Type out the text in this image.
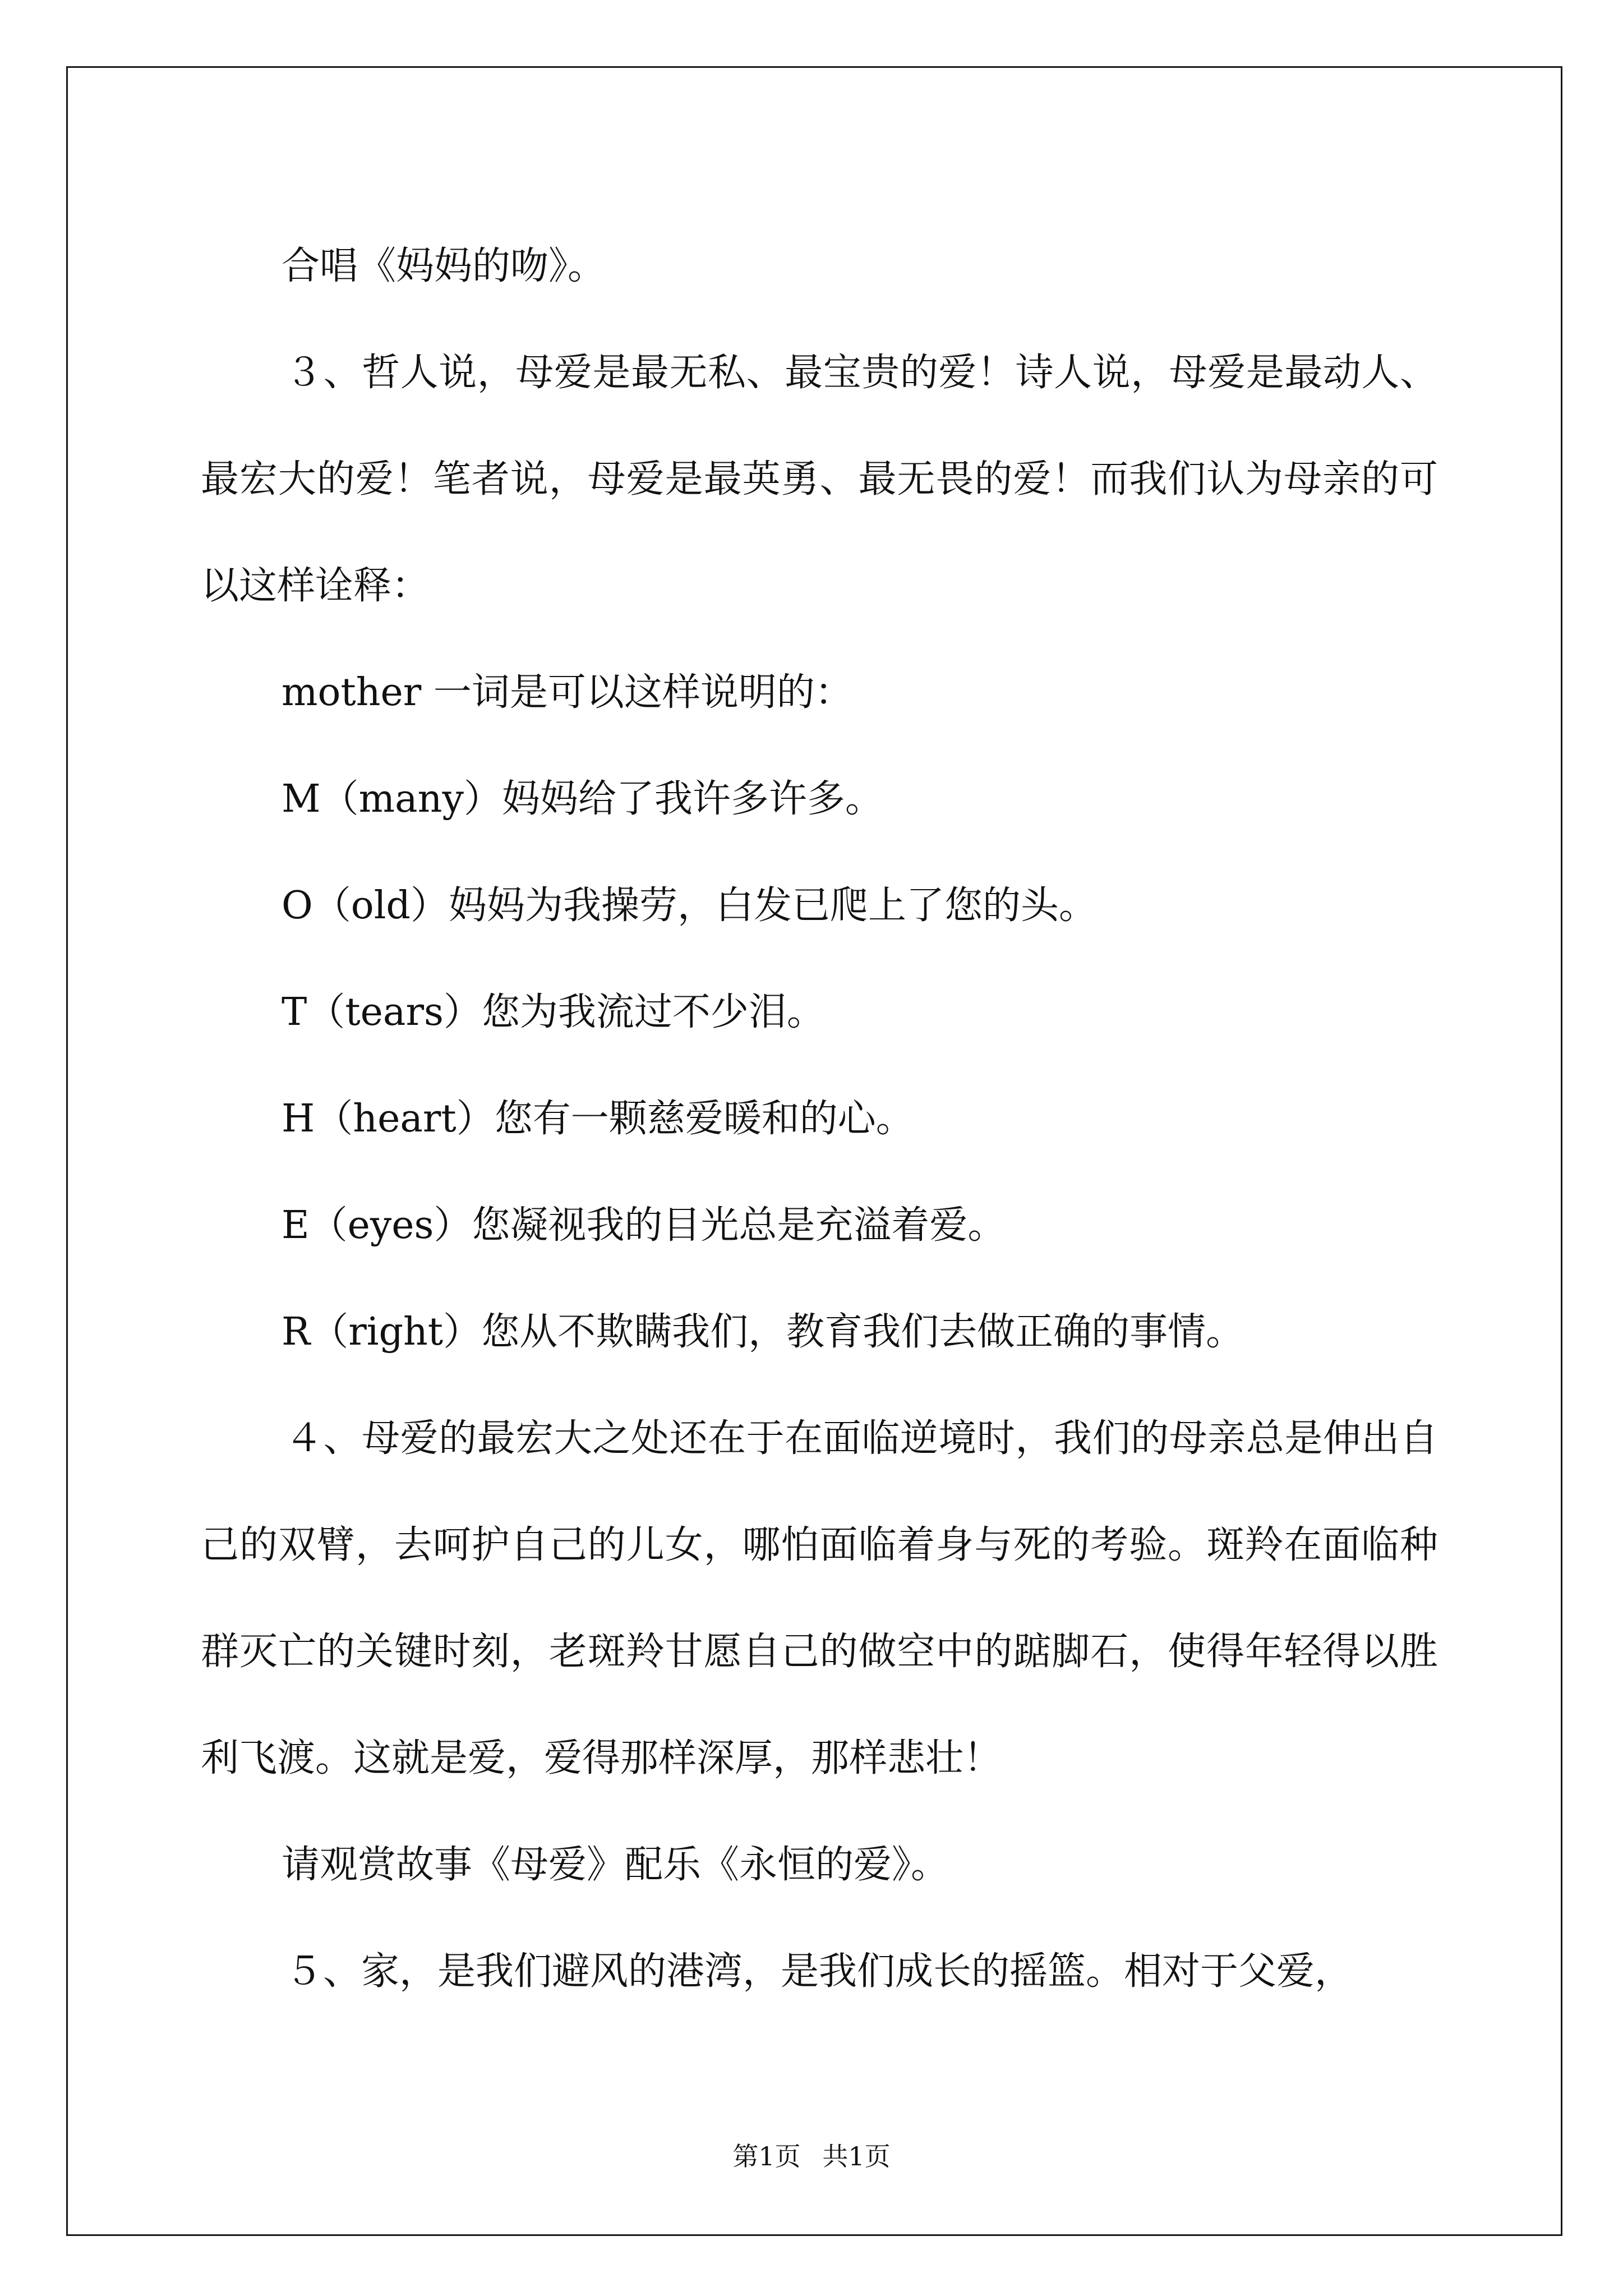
合唱《妈妈的吻》。

３、哲人说，母爱是最无私、最宝贵的爱！诗人说，母爱是最动人、最宏大的爱！笔者说，母爱是最英勇、最无畏的爱！而我们认为母亲的可以这样诠释：

mother 一词是可以这样说明的：

M（many）妈妈给了我许多许多。

O（old）妈妈为我操劳，白发已爬上了您的头。

T（tears）您为我流过不少泪。

H（heart）您有一颗慈爱暖和的心。

E（eyes）您凝视我的目光总是充溢着爱。

R（right）您从不欺瞒我们，教育我们去做正确的事情。

４、母爱的最宏大之处还在于在面临逆境时，我们的母亲总是伸出自己的双臂，去呵护自己的儿女，哪怕面临着身与死的考验。斑羚在面临种群灭亡的关键时刻，老斑羚甘愿自己的做空中的踮脚石，使得年轻得以胜利飞渡。这就是爱，爱得那样深厚，那样悲壮！

请观赏故事《母爱》配乐《永恒的爱》。

５、家，是我们避风的港湾，是我们成长的摇篮。相对于父爱，

第1页 共1页
